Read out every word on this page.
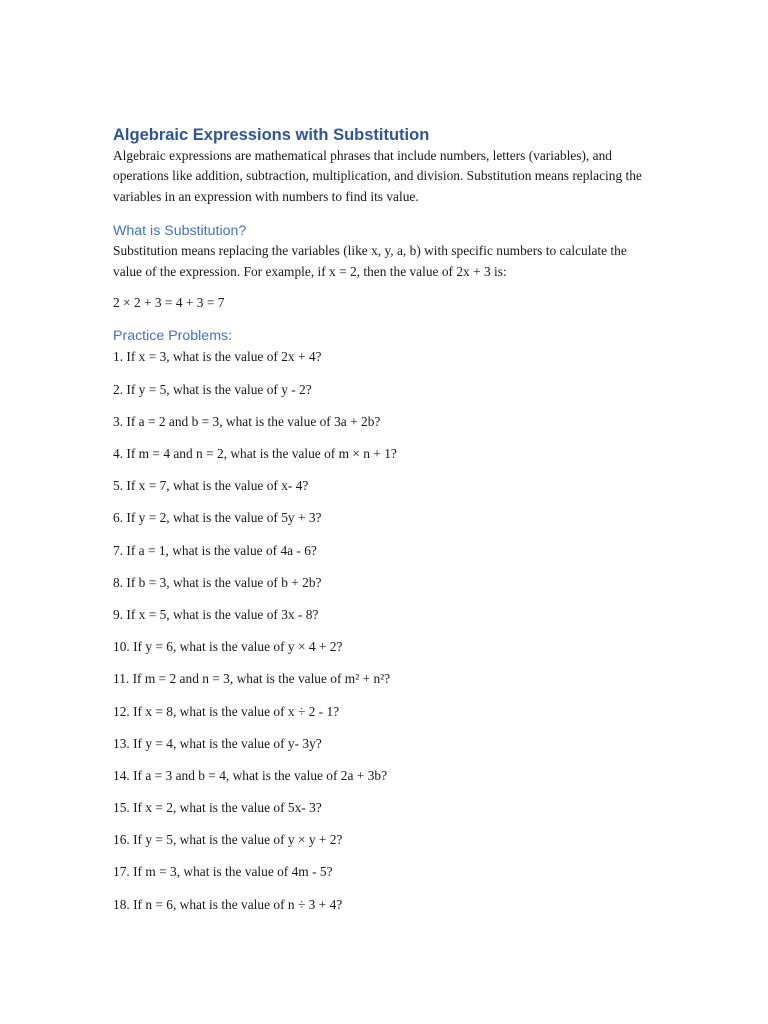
Algebraic Expressions with Substitution

Algebraic expressions are mathematical phrases that include numbers, letters (variables), and operations like addition, subtraction, multiplication, and division. Substitution means replacing the variables in an expression with numbers to find its value.

What is Substitution?

Substitution means replacing the variables (like x, y, a, b) with specific numbers to calculate the value of the expression. For example, if x = 2, then the value of 2x + 3 is:

2 × 2 + 3 = 4 + 3 = 7

Practice Problems:
1. If x = 3, what is the value of 2x + 4?
2. If y = 5, what is the value of y - 2?
3. If a = 2 and b = 3, what is the value of 3a + 2b?
4. If m = 4 and n = 2, what is the value of m × n + 1?
5. If x = 7, what is the value of x- 4?
6. If y = 2, what is the value of 5y + 3?
7. If a = 1, what is the value of 4a - 6?
8. If b = 3, what is the value of b + 2b?
9. If x = 5, what is the value of 3x - 8?
10. If y = 6, what is the value of y × 4 + 2?
11. If m = 2 and n = 3, what is the value of m² + n²?
12. If x = 8, what is the value of x ÷ 2 - 1?
13. If y = 4, what is the value of y- 3y?
14. If a = 3 and b = 4, what is the value of 2a + 3b?
15. If x = 2, what is the value of 5x- 3?
16. If y = 5, what is the value of y × y + 2?
17. If m = 3, what is the value of 4m - 5?
18. If n = 6, what is the value of n ÷ 3 + 4?
